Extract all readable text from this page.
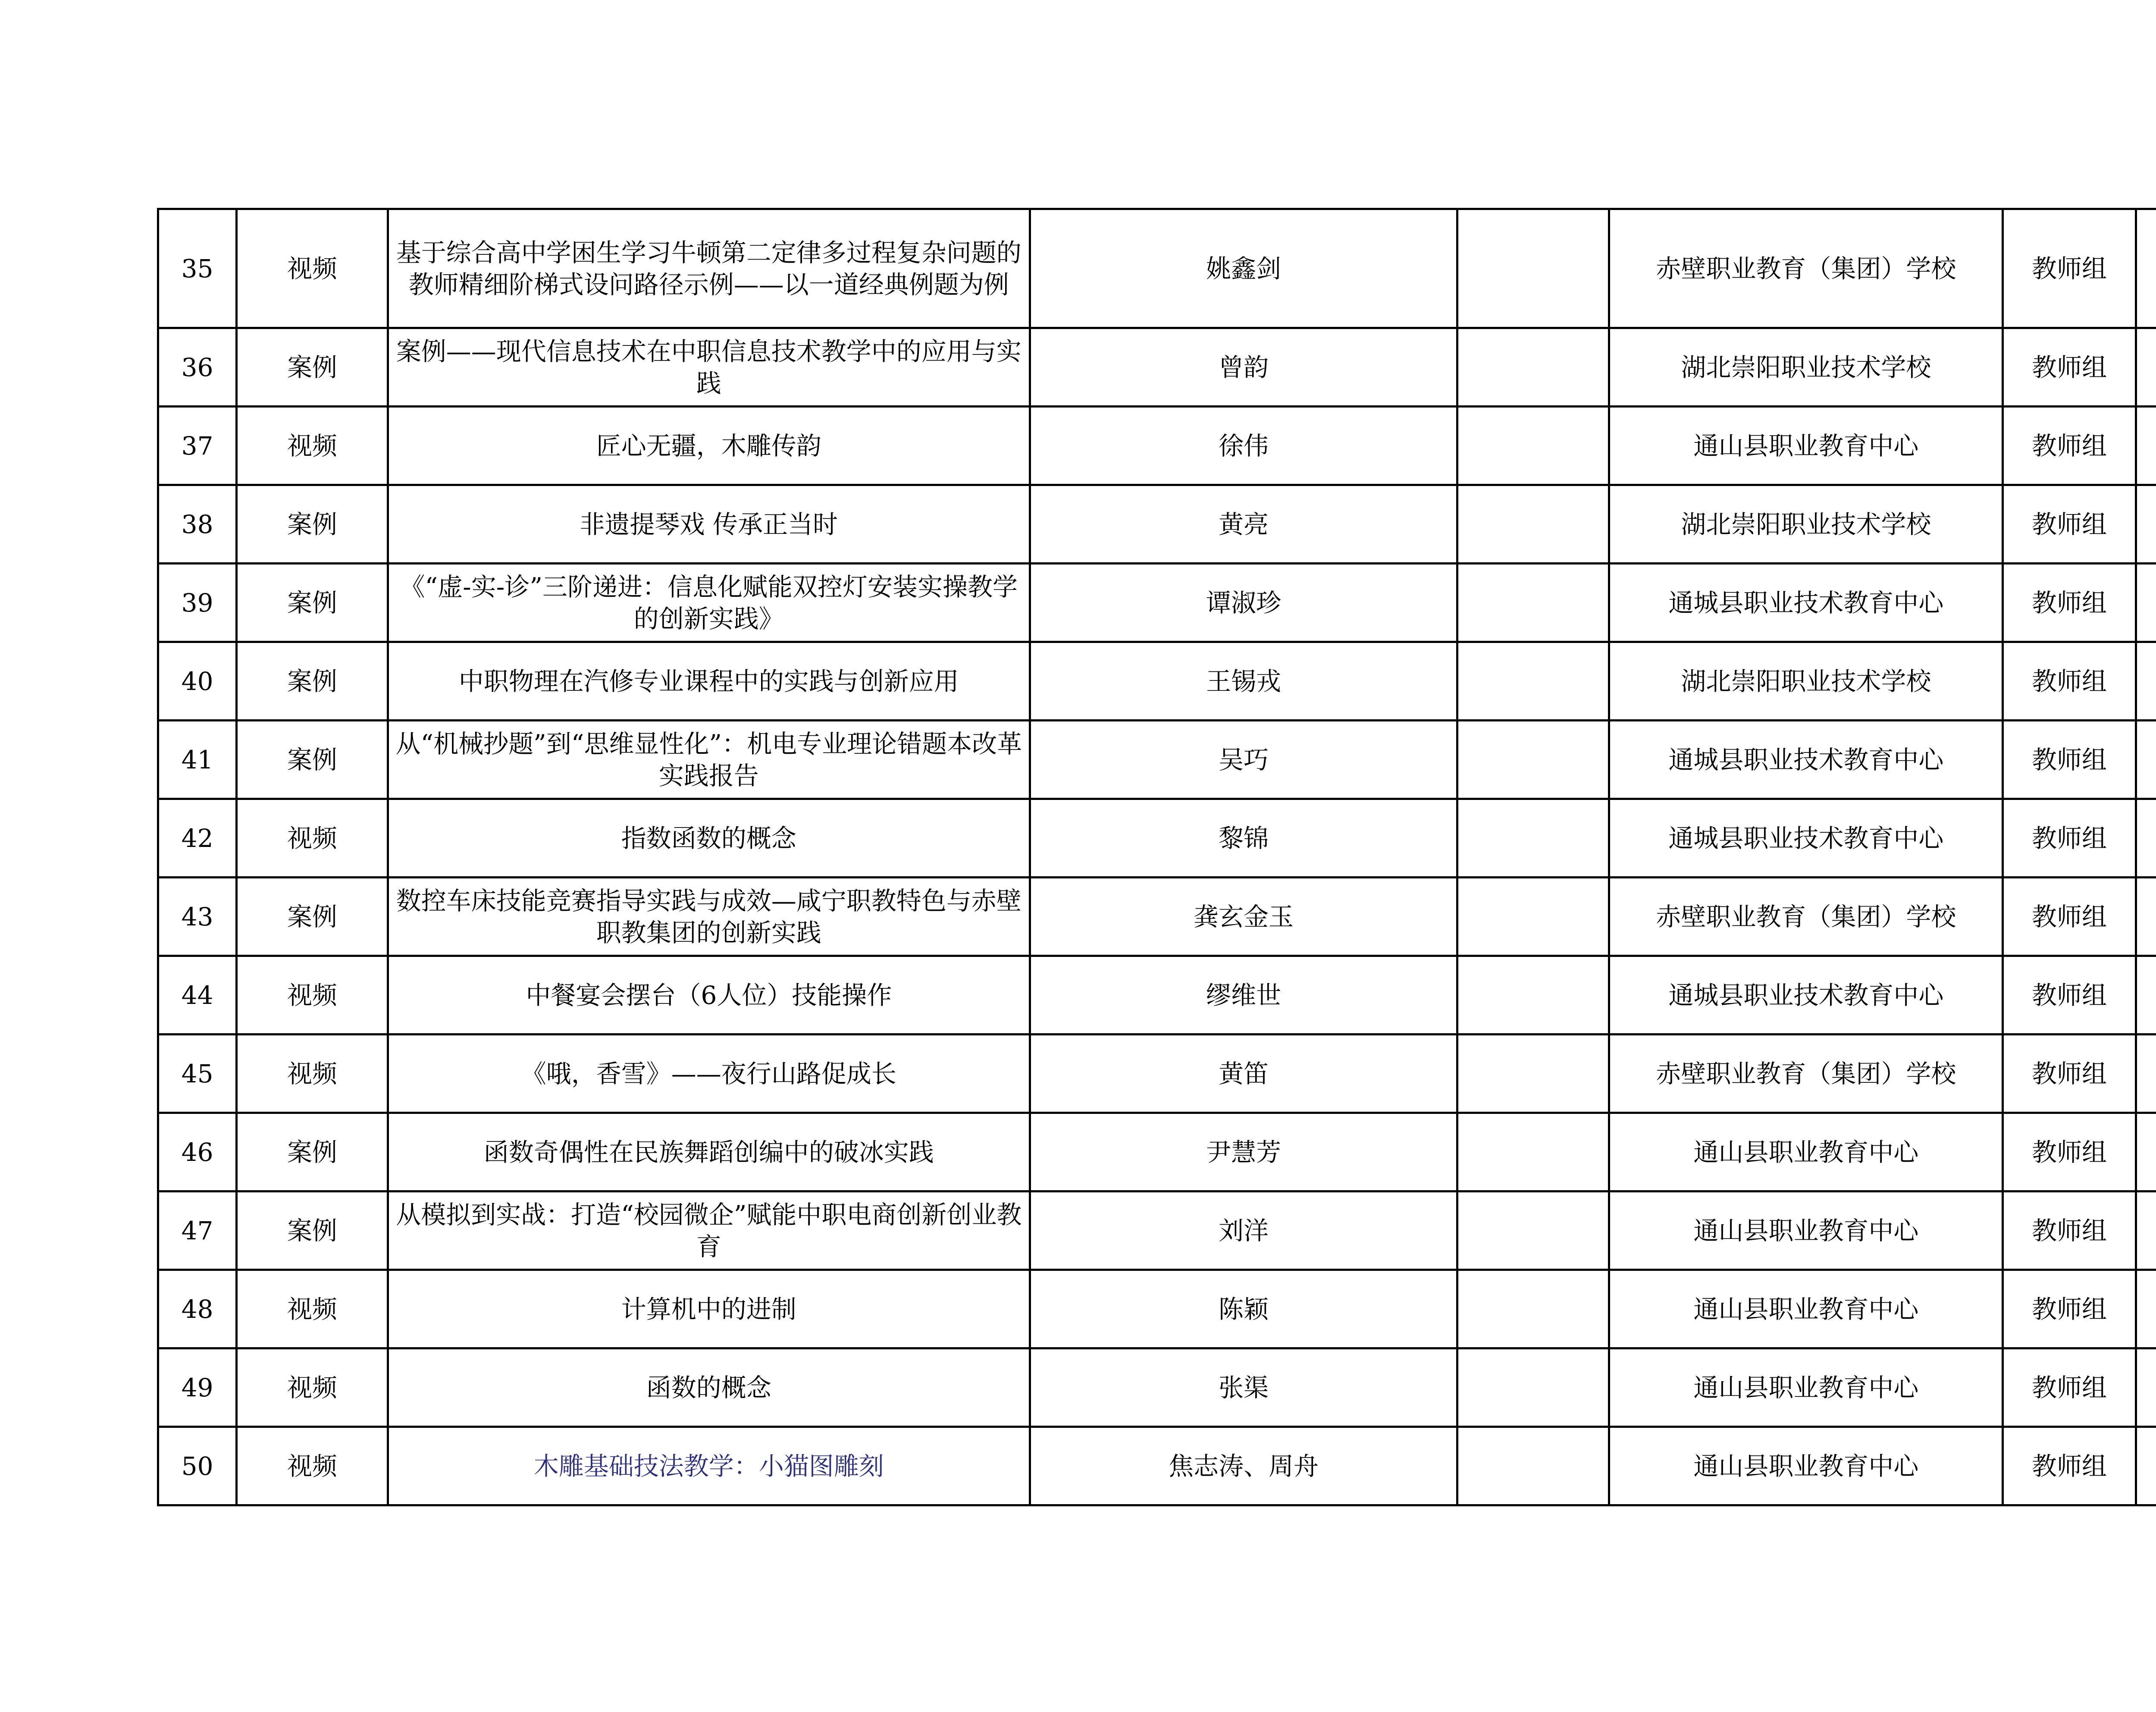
35	视频	基于综合高中学困生学习牛顿第二定律多过程复杂问题的教师精细阶梯式设问路径示例——以一道经典例题为例	姚鑫剑		赤壁职业教育（集团）学校	教师组	
36	案例	案例——现代信息技术在中职信息技术教学中的应用与实践	曾韵		湖北崇阳职业技术学校	教师组	
37	视频	匠心无疆，木雕传韵	徐伟		通山县职业教育中心	教师组	
38	案例	非遗提琴戏 传承正当时	黄亮		湖北崇阳职业技术学校	教师组	
39	案例	《“虚-实-诊”三阶递进：信息化赋能双控灯安装实操教学的创新实践》	谭淑珍		通城县职业技术教育中心	教师组	
40	案例	中职物理在汽修专业课程中的实践与创新应用	王锡戎		湖北崇阳职业技术学校	教师组	
41	案例	从“机械抄题”到“思维显性化”：机电专业理论错题本改革实践报告	吴巧		通城县职业技术教育中心	教师组	
42	视频	指数函数的概念	黎锦		通城县职业技术教育中心	教师组	
43	案例	数控车床技能竞赛指导实践与成效—咸宁职教特色与赤壁职教集团的创新实践	龚玄金玉		赤壁职业教育（集团）学校	教师组	
44	视频	中餐宴会摆台（6人位）技能操作	缪维世		通城县职业技术教育中心	教师组	
45	视频	《哦，香雪》——夜行山路促成长	黄笛		赤壁职业教育（集团）学校	教师组	
46	案例	函数奇偶性在民族舞蹈创编中的破冰实践	尹慧芳		通山县职业教育中心	教师组	
47	案例	从模拟到实战：打造“校园微企”赋能中职电商创新创业教育	刘洋		通山县职业教育中心	教师组	
48	视频	计算机中的进制	陈颖		通山县职业教育中心	教师组	
49	视频	函数的概念	张渠		通山县职业教育中心	教师组	
50	视频	木雕基础技法教学：小猫图雕刻	焦志涛、周舟		通山县职业教育中心	教师组	
